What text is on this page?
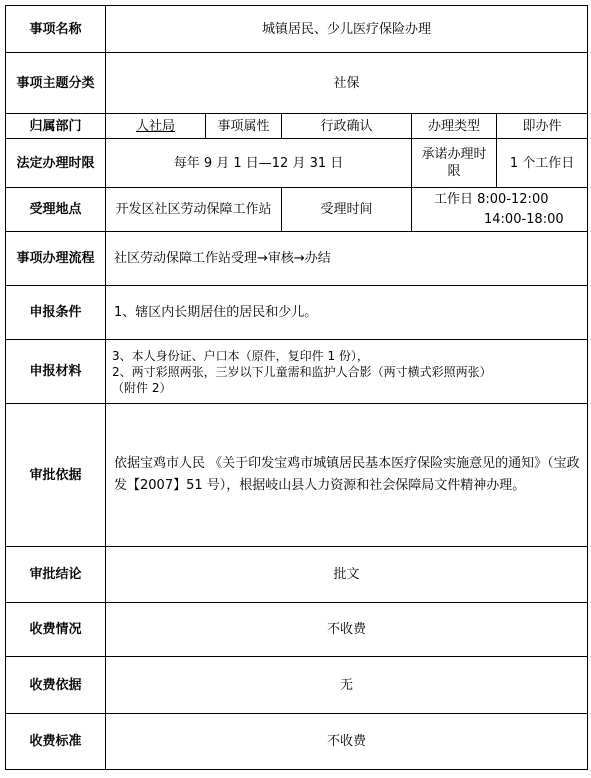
事项名称	城镇居民、少儿医疗保险办理				
事项主题分类	社保				
归属部门	人社局	事项属性	行政确认	办理类型	即办件
法定办理时限	每年 9 月 1 日—12 月 31 日			承诺办理时限	1 个工作日
受理地点	开发区社区劳动保障工作站		受理时间	工作日 8:00-12:00
14:00-18:00	

事项办理流程	社区劳动保障工作站受理→审核→办结				
申报条件	1、辖区内长期居住的居民和少儿。				
申报材料	3、本人身份证、户口本（原件，复印件 1 份），
2、两寸彩照两张，三岁以下儿童需和监护人合影（两寸横式彩照两张）
（附件 2）				

审批依据	依据宝鸡市人民 《关于印发宝鸡市城镇居民基本医疗保险实施意见的通知》（宝政发【2007】51 号），根据岐山县人力资源和社会保障局文件精神办理。				
审批结论	批文				
收费情况	不收费				
收费依据	无				
收费标准	不收费				
